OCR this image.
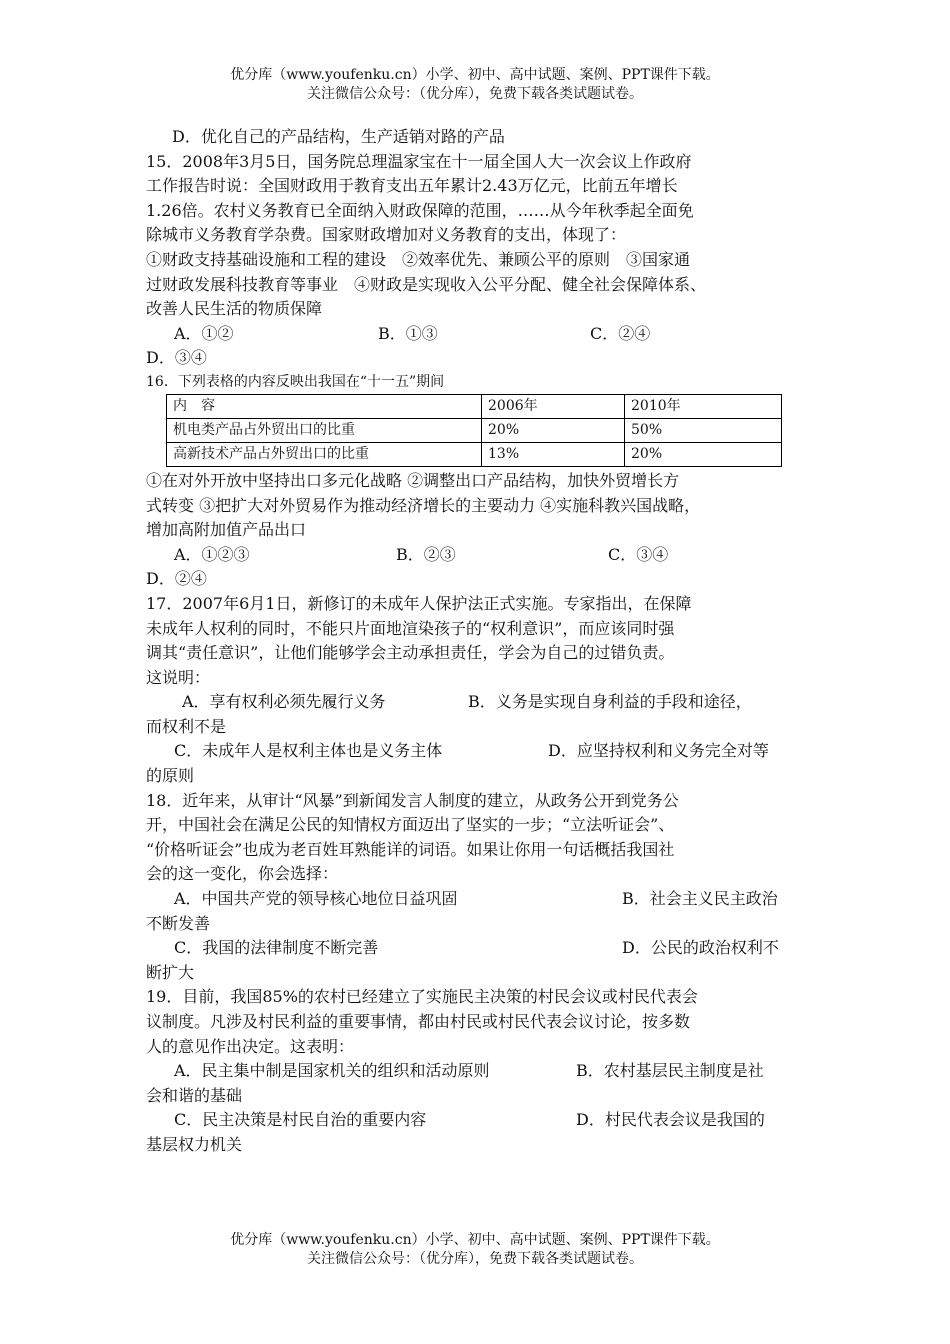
优分库（www.youfenku.cn）小学、初中、高中试题、案例、PPT课件下载。
关注微信公众号：（优分库），免费下载各类试题试卷。

D．优化自己的产品结构，生产适销对路的产品

15．2008年3月5日，国务院总理温家宝在十一届全国人大一次会议上作政府

工作报告时说：全国财政用于教育支出五年累计2.43万亿元，比前五年增长

1.26倍。农村义务教育已全面纳入财政保障的范围，……从今年秋季起全面免

除城市义务教育学杂费。国家财政增加对义务教育的支出，体现了：

①财政支持基础设施和工程的建设　②效率优先、兼顾公平的原则　③国家通

过财政发展科技教育等事业　④财政是实现收入公平分配、健全社会保障体系、

改善人民生活的物质保障

A．①②	B．①③	C．②④

D．③④

16．下列表格的内容反映出我国在“十一五”期间

内　容	2006年	2010年
机电类产品占外贸出口的比重	20%	50%
高新技术产品占外贸出口的比重	13%	20%

①在对外开放中坚持出口多元化战略 ②调整出口产品结构，加快外贸增长方

式转变 ③把扩大对外贸易作为推动经济增长的主要动力 ④实施科教兴国战略，

增加高附加值产品出口

A．①②③	B．②③	C．③④

D．②④

17．2007年6月1日，新修订的未成年人保护法正式实施。专家指出，在保障

未成年人权利的同时，不能只片面地渲染孩子的“权利意识”，而应该同时强

调其“责任意识”，让他们能够学会主动承担责任，学会为自己的过错负责。

这说明：

A．享有权利必须先履行义务	B．义务是实现自身利益的手段和途径，

而权利不是

C．未成年人是权利主体也是义务主体	D．应坚持权利和义务完全对等

的原则

18．近年来，从审计“风暴”到新闻发言人制度的建立，从政务公开到党务公

开，中国社会在满足公民的知情权方面迈出了坚实的一步；“立法听证会”、

“价格听证会”也成为老百姓耳熟能详的词语。如果让你用一句话概括我国社

会的这一变化，你会选择：

A．中国共产党的领导核心地位日益巩固	B．社会主义民主政治

不断发善

C．我国的法律制度不断完善	D．公民的政治权利不

断扩大

19．目前，我国85%的农村已经建立了实施民主决策的村民会议或村民代表会

议制度。凡涉及村民利益的重要事情，都由村民或村民代表会议讨论，按多数

人的意见作出决定。这表明：

A．民主集中制是国家机关的组织和活动原则	B．农村基层民主制度是社

会和谐的基础

C．民主决策是村民自治的重要内容	D．村民代表会议是我国的

基层权力机关

优分库（www.youfenku.cn）小学、初中、高中试题、案例、PPT课件下载。
关注微信公众号：（优分库），免费下载各类试题试卷。
